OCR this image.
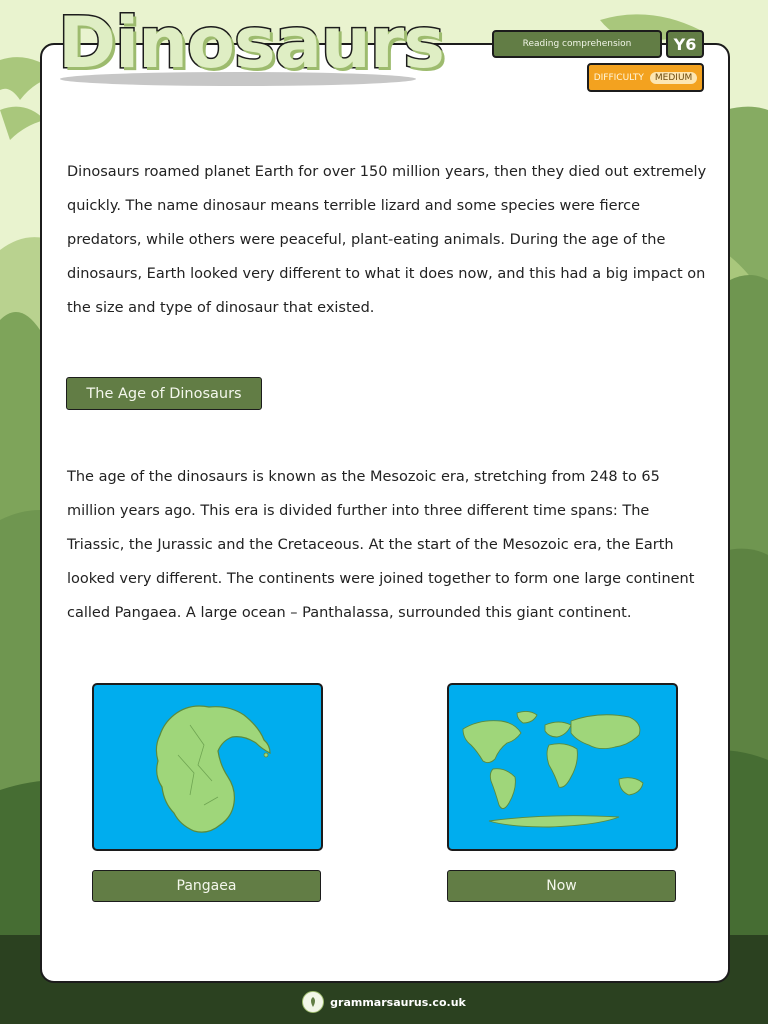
Dinosaurs	Reading comprehension	Y6
DIFFICULTY	MEDIUM

Dinosaurs roamed planet Earth for over 150 million years, then they died out extremely quickly. The name dinosaur means terrible lizard and some species were fierce predators, while others were peaceful, plant-eating animals. During the age of the dinosaurs, Earth looked very different to what it does now, and this had a big impact on the size and type of dinosaur that existed.

The Age of Dinosaurs

The age of the dinosaurs is known as the Mesozoic era, stretching from 248 to 65 million years ago. This era is divided further into three different time spans: The Triassic, the Jurassic and the Cretaceous. At the start of the Mesozoic era, the Earth looked very different. The continents were joined together to form one large continent called Pangaea. A large ocean – Panthalassa, surrounded this giant continent.

Pangaea	Now
grammarsaurus.co.uk
